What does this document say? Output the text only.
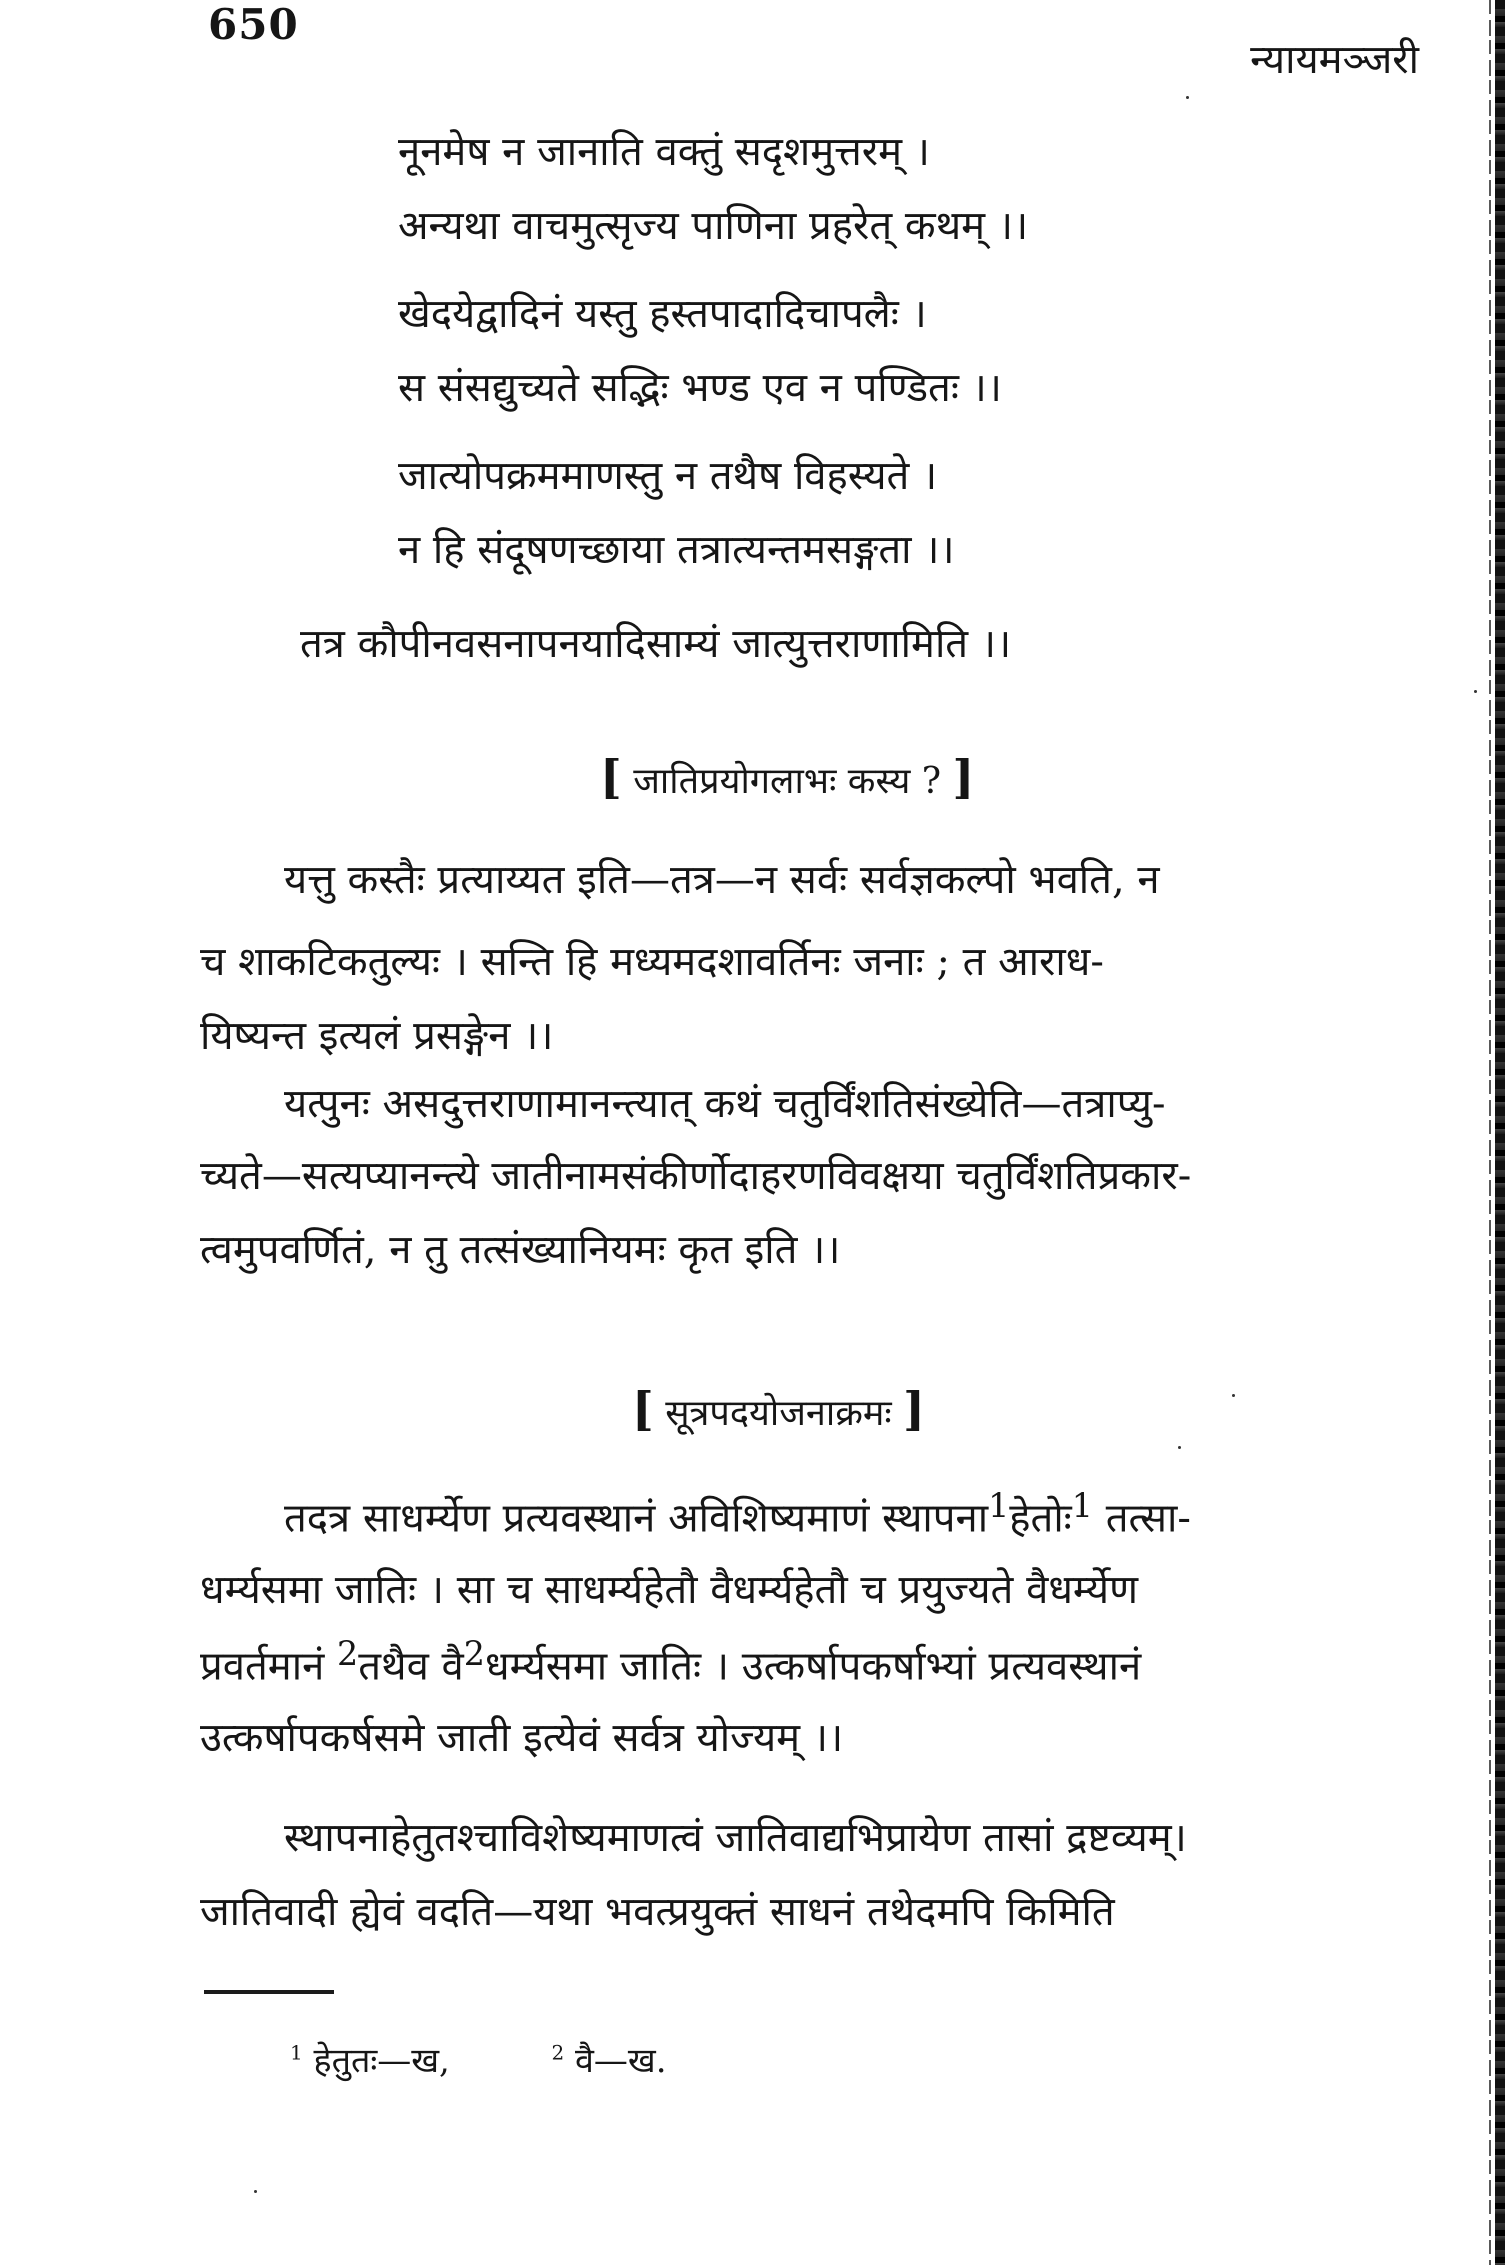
650
न्यायमञ्जरी
नूनमेष न जानाति वक्तुं सदृशमुत्तरम् ।
अन्यथा वाचमुत्सृज्य पाणिना प्रहरेत् कथम् ।।
खेदयेद्वादिनं यस्तु हस्तपादादिचापलैः ।
स संसद्युच्यते सद्भिः भण्ड एव न पण्डितः ।।
जात्योपक्रममाणस्तु न तथैष विहस्यते ।
न हि संदूषणच्छाया तत्रात्यन्तमसङ्गता ।।
तत्र कौपीनवसनापनयादिसाम्यं जात्युत्तराणामिति ।।
[ जातिप्रयोगलाभः कस्य ? ]
यत्तु कस्तैः प्रत्याय्यत इति—तत्र—न सर्वः सर्वज्ञकल्पो भवति, न
च शाकटिकतुल्यः । सन्ति हि मध्यमदशावर्तिनः जनाः ; त आराध-
यिष्यन्त इत्यलं प्रसङ्गेन ।।
यत्पुनः असदुत्तराणामानन्त्यात् कथं चतुर्विंशतिसंख्येति—तत्राप्यु-
च्यते—सत्यप्यानन्त्ये जातीनामसंकीर्णोदाहरणविवक्षया चतुर्विंशतिप्रकार-
त्वमुपवर्णितं, न तु तत्संख्यानियमः कृत इति ।।
[ सूत्रपदयोजनाक्रमः ]
तदत्र साधर्म्येण प्रत्यवस्थानं अविशिष्यमाणं स्थापना$^1$हेतोः$^1$ तत्सा-
धर्म्यसमा जातिः । सा च साधर्म्यहेतौ वैधर्म्यहेतौ च प्रयुज्यते वैधर्म्येण
प्रवर्तमानं $^2$तथैव वै$^2$धर्म्यसमा जातिः । उत्कर्षापकर्षाभ्यां प्रत्यवस्थानं
उत्कर्षापकर्षसमे जाती इत्येवं सर्वत्र योज्यम् ।।
स्थापनाहेतुतश्चाविशेष्यमाणत्वं जातिवाद्यभिप्रायेण तासां द्रष्टव्यम्।
जातिवादी ह्येवं वदति—यथा भवत्प्रयुक्तं साधनं तथेदमपि किमिति
$^1$ हेतुतः—ख,	$^2$ वै—ख.
